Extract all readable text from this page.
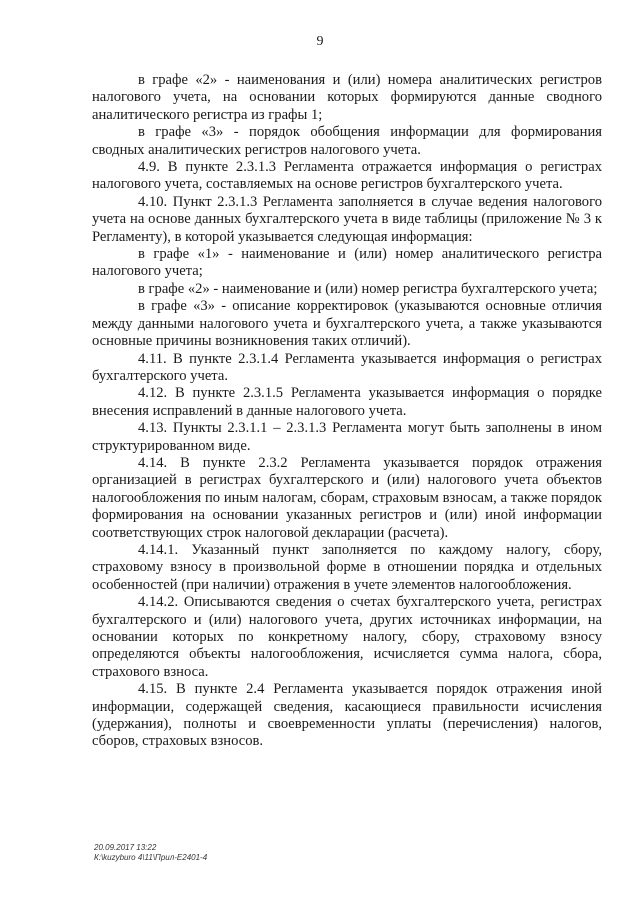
9

в графе «2» - наименования и (или) номера аналитических регистров налогового учета, на основании которых формируются данные сводного аналитического регистра из графы 1;

в графе «3» - порядок обобщения информации для формирования сводных аналитических регистров налогового учета.

4.9. В пункте 2.3.1.3 Регламента отражается информация о регистрах налогового учета, составляемых на основе регистров бухгалтерского учета.

4.10. Пункт 2.3.1.3 Регламента заполняется в случае ведения налогового учета на основе данных бухгалтерского учета в виде таблицы (приложение № 3 к Регламенту), в которой указывается следующая информация:

в графе «1» - наименование и (или) номер аналитического регистра налогового учета;

в графе «2» - наименование и (или) номер регистра бухгалтерского учета;

в графе «3» - описание корректировок (указываются основные отличия между данными налогового учета и бухгалтерского учета, а также указываются основные причины возникновения таких отличий).

4.11. В пункте 2.3.1.4 Регламента указывается информация о регистрах бухгалтерского учета.

4.12. В пункте 2.3.1.5 Регламента указывается информация о порядке внесения исправлений в данные налогового учета.

4.13. Пункты 2.3.1.1 – 2.3.1.3 Регламента могут быть заполнены в ином структурированном виде.

4.14. В пункте 2.3.2 Регламента указывается порядок отражения организацией в регистрах бухгалтерского и (или) налогового учета объектов налогообложения по иным налогам, сборам, страховым взносам, а также порядок формирования на основании указанных регистров и (или) иной информации соответствующих строк налоговой декларации (расчета).

4.14.1. Указанный пункт заполняется по каждому налогу, сбору, страховому взносу в произвольной форме в отношении порядка и отдельных особенностей (при наличии) отражения в учете элементов налогообложения.

4.14.2. Описываются сведения о счетах бухгалтерского учета, регистрах бухгалтерского и (или) налогового учета, других источниках информации, на основании которых по конкретному налогу, сбору, страховому взносу определяются объекты налогообложения, исчисляется сумма налога, сбора, страхового взноса.

4.15. В пункте 2.4 Регламента указывается порядок отражения иной информации, содержащей сведения, касающиеся правильности исчисления (удержания), полноты и своевременности уплаты (перечисления) налогов, сборов, страховых взносов.

20.09.2017 13:22
К:\kuzyburo 4\11\Прил-Е2401-4
